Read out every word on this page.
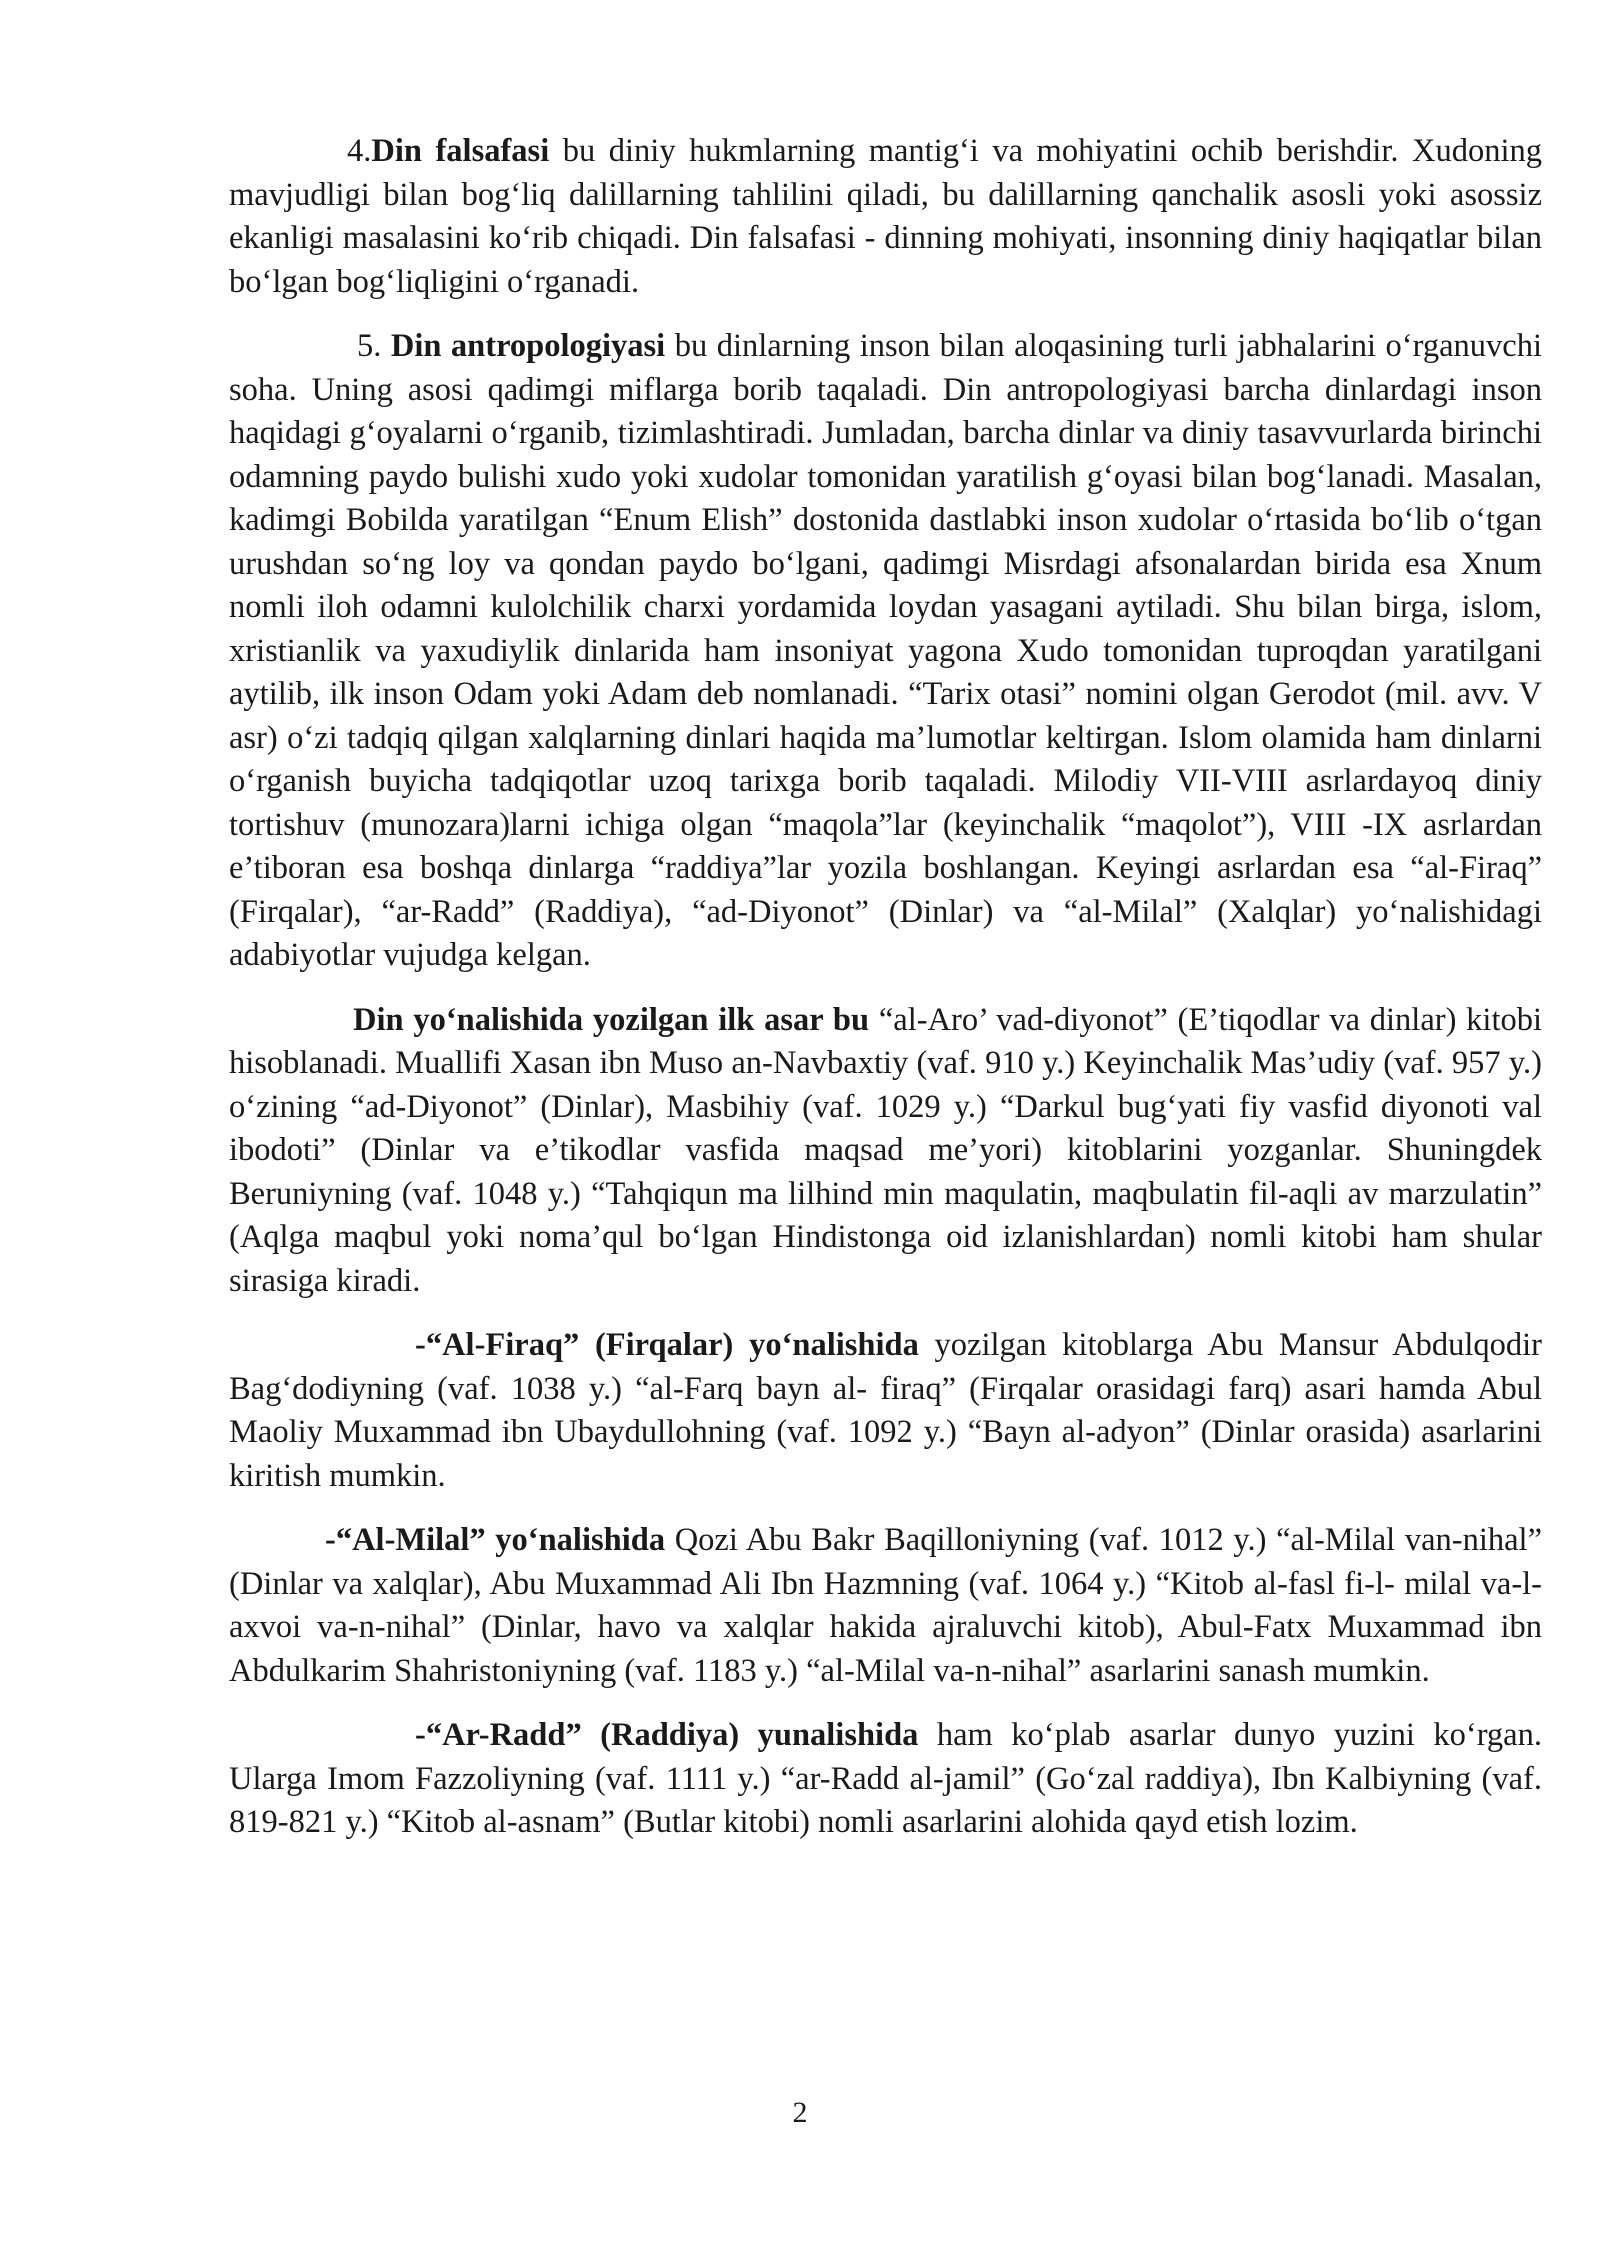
4.Din falsafasi bu diniy hukmlarning mantig‘i va mohiyatini ochib berishdir. Xudoning mavjudligi bilan bog‘liq dalillarning tahlilini qiladi, bu dalillarning qanchalik asosli yoki asossiz ekanligi masalasini ko‘rib chiqadi. Din falsafasi - dinning mohiyati, insonning diniy haqiqatlar bilan bo‘lgan bog‘liqligini o‘rganadi.

5. Din antropologiyasi bu dinlarning inson bilan aloqasining turli jabhalarini o‘rganuvchi soha. Uning asosi qadimgi miflarga borib taqaladi. Din antropologiyasi barcha dinlardagi inson haqidagi g‘oyalarni o‘rganib, tizimlashtiradi. Jumladan, barcha dinlar va diniy tasavvurlarda birinchi odamning paydo bulishi xudo yoki xudolar tomonidan yaratilish g‘oyasi bilan bog‘lanadi. Masalan, kadimgi Bobilda yaratilgan “Enum Elish” dostonida dastlabki inson xudolar o‘rtasida bo‘lib o‘tgan urushdan so‘ng loy va qondan paydo bo‘lgani, qadimgi Misrdagi afsonalardan birida esa Xnum nomli iloh odamni kulolchilik charxi yordamida loydan yasagani aytiladi. Shu bilan birga, islom, xristianlik va yaxudiylik dinlarida ham insoniyat yagona Xudo tomonidan tuproqdan yaratilgani aytilib, ilk inson Odam yoki Adam deb nomlanadi. “Tarix otasi” nomini olgan Gerodot (mil. avv. V asr) o‘zi tadqiq qilgan xalqlarning dinlari haqida ma’lumotlar keltirgan. Islom olamida ham dinlarni o‘rganish buyicha tadqiqotlar uzoq tarixga borib taqaladi. Milodiy VII-VIII asrlardayoq diniy tortishuv (munozara)larni ichiga olgan “maqola”lar (keyinchalik “maqolot”), VIII -IX asrlardan e’tiboran esa boshqa dinlarga “raddiya”lar yozila boshlangan. Keyingi asrlardan esa “al-Firaq” (Firqalar), “ar-Radd” (Raddiya), “ad-Diyonot” (Dinlar) va “al-Milal” (Xalqlar) yo‘nalishidagi adabiyotlar vujudga kelgan.

Din yo‘nalishida yozilgan ilk asar bu “al-Aro’ vad-diyonot” (E’tiqodlar va dinlar) kitobi hisoblanadi. Muallifi Xasan ibn Muso an-Navbaxtiy (vaf. 910 y.) Keyinchalik Mas’udiy (vaf. 957 y.) o‘zining “ad-Diyonot” (Dinlar), Masbihiy (vaf. 1029 y.) “Darkul bug‘yati fiy vasfid diyonoti val ibodoti” (Dinlar va e’tikodlar vasfida maqsad me’yori) kitoblarini yozganlar. Shuningdek Beruniyning (vaf. 1048 y.) “Tahqiqun ma lilhind min maqulatin, maqbulatin fil-aqli av marzulatin” (Aqlga maqbul yoki noma’qul bo‘lgan Hindistonga oid izlanishlardan) nomli kitobi ham shular sirasiga kiradi.

-“Al-Firaq” (Firqalar) yo‘nalishida yozilgan kitoblarga Abu Mansur Abdulqodir Bag‘dodiyning (vaf. 1038 y.) “al-Farq bayn al- firaq” (Firqalar orasidagi farq) asari hamda Abul Maoliy Muxammad ibn Ubaydullohning (vaf. 1092 y.) “Bayn al-adyon” (Dinlar orasida) asarlarini kiritish mumkin.

-“Al-Milal” yo‘nalishida Qozi Abu Bakr Baqilloniyning (vaf. 1012 y.) “al-Milal van-nihal” (Dinlar va xalqlar), Abu Muxammad Ali Ibn Hazmning (vaf. 1064 y.) “Kitob al-fasl fi-l- milal va-l-axvoi va-n-nihal” (Dinlar, havo va xalqlar hakida ajraluvchi kitob), Abul-Fatx Muxammad ibn Abdulkarim Shahristoniyning (vaf. 1183 y.) “al-Milal va-n-nihal” asarlarini sanash mumkin.

-“Ar-Radd” (Raddiya) yunalishida ham ko‘plab asarlar dunyo yuzini ko‘rgan. Ularga Imom Fazzoliyning (vaf. 1111 y.) “ar-Radd al-jamil” (Go‘zal raddiya), Ibn Kalbiyning (vaf. 819-821 y.) “Kitob al-asnam” (Butlar kitobi) nomli asarlarini alohida qayd etish lozim.

2
